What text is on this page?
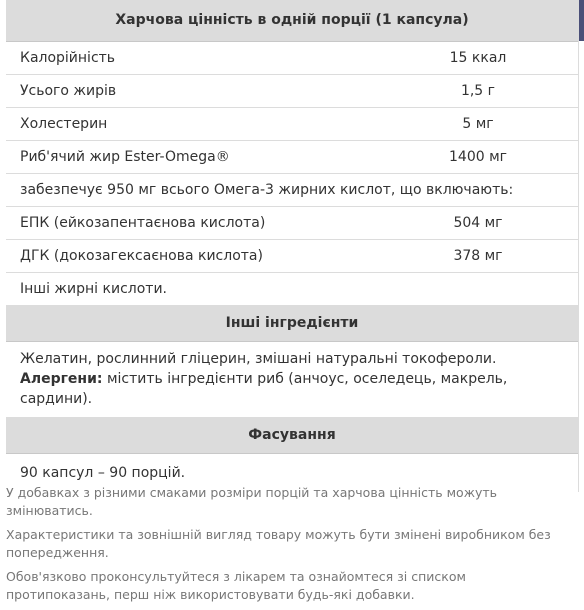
Харчова цінність в одній порції (1 капсула)
Калорійність	15 ккал
Усього жирів	1,5 г
Холестерин	5 мг
Риб'ячий жир Ester-Omega®	1400 мг
забезпечує 950 мг всього Омега-3 жирних кислот, що включають:
ЕПК (ейкозапентаєнова кислота)	504 мг
ДГК (докозагексаєнова кислота)	378 мг
Інші жирні кислоти.
Інші інгредієнти

Желатин, рослинний гліцерин, змішані натуральні токофероли.

Алергени: містить інгредієнти риб (анчоус, оселедець, макрель, сардини).

Фасування
90 капсул – 90 порцій.

У добавках з різними смаками розміри порцій та харчова цінність можуть змінюватись.

Характеристики та зовнішній вигляд товару можуть бути змінені виробником без попередження.

Обов'язково проконсультуйтеся з лікарем та ознайомтеся зі списком протипоказань, перш ніж використовувати будь-які добавки.
